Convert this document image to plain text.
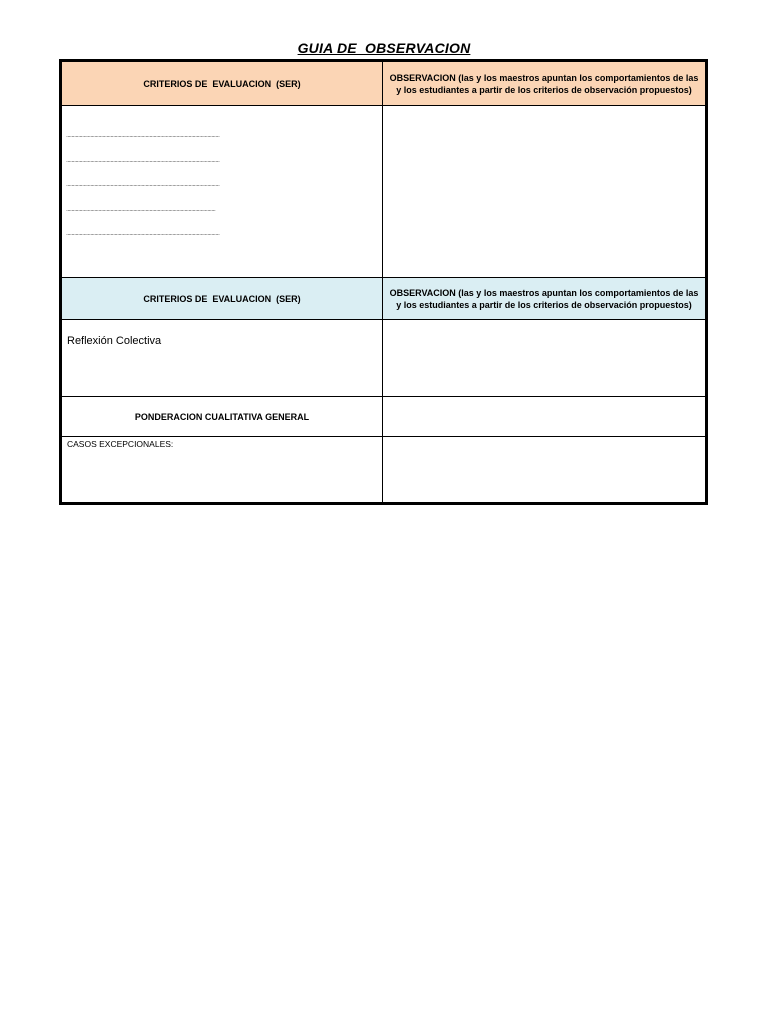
GUIA DE  OBSERVACION
CRITERIOS DE  EVALUACION  (SER)
OBSERVACION (las y los maestros apuntan los comportamientos de las y los estudiantes a partir de los criterios de observación propuestos)
..................................................................................................................
..................................................................................................................
..................................................................................................................
...............................................................................................................
..................................................................................................................
CRITERIOS DE  EVALUACION  (SER)
OBSERVACION (las y los maestros apuntan los comportamientos de las y los estudiantes a partir de los criterios de observación propuestos)
Reflexión Colectiva
PONDERACION CUALITATIVA GENERAL
CASOS EXCEPCIONALES:
